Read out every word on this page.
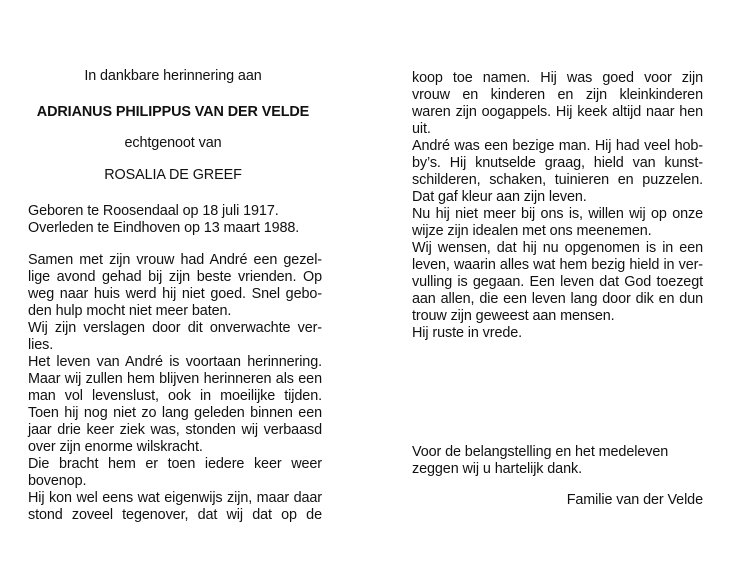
In dankbare herinnering aan
ADRIANUS PHILIPPUS VAN DER VELDE
echtgenoot van
ROSALIA DE GREEF
Geboren te Roosendaal op 18 juli 1917.
Overleden te Eindhoven op 13 maart 1988.
Samen met zijn vrouw had André een gezel-
lige avond gehad bij zijn beste vrienden. Op
weg naar huis werd hij niet goed. Snel gebo-
den hulp mocht niet meer baten.
Wij zijn verslagen door dit onverwachte ver-
lies.
Het leven van André is voortaan herinnering.
Maar wij zullen hem blijven herinneren als een
man vol levenslust, ook in moeilijke tijden.
Toen hij nog niet zo lang geleden binnen een
jaar drie keer ziek was, stonden wij verbaasd
over zijn enorme wilskracht.
Die bracht hem er toen iedere keer weer
bovenop.
Hij kon wel eens wat eigenwijs zijn, maar daar
stond zoveel tegenover, dat wij dat op de
koop toe namen. Hij was goed voor zijn
vrouw en kinderen en zijn kleinkinderen
waren zijn oogappels. Hij keek altijd naar hen
uit.
André was een bezige man. Hij had veel hob-
by’s. Hij knutselde graag, hield van kunst-
schilderen, schaken, tuinieren en puzzelen.
Dat gaf kleur aan zijn leven.
Nu hij niet meer bij ons is, willen wij op onze
wijze zijn idealen met ons meenemen.
Wij wensen, dat hij nu opgenomen is in een
leven, waarin alles wat hem bezig hield in ver-
vulling is gegaan. Een leven dat God toezegt
aan allen, die een leven lang door dik en dun
trouw zijn geweest aan mensen.
Hij ruste in vrede.
Voor de belangstelling en het medeleven
zeggen wij u hartelijk dank.
Familie van der Velde
